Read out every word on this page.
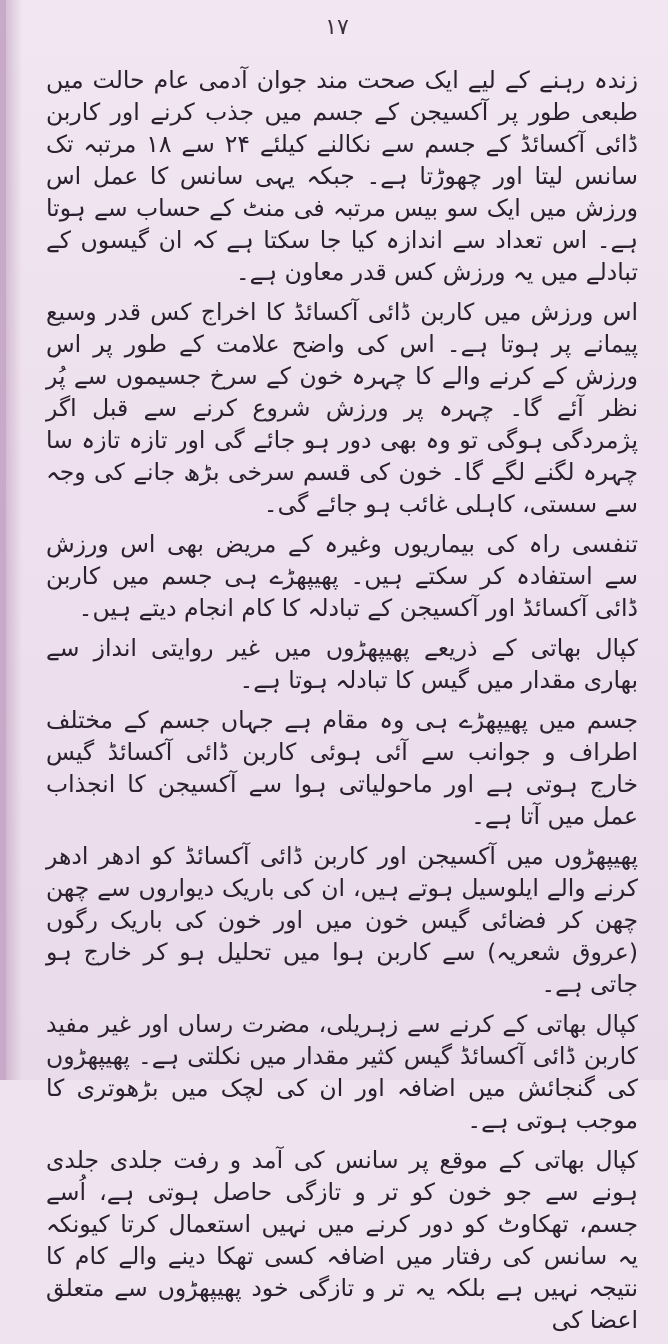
۱۷

زندہ رہنے کے لیے ایک صحت مند جوان آدمی عام حالت میں طبعی طور پر آکسیجن کے جسم میں جذب کرنے اور کاربن ڈائی آکسائڈ کے جسم سے نکالنے کیلئے ۲۴ سے ۱۸ مرتبہ تک سانس لیتا اور چھوڑتا ہے۔ جبکہ یہی سانس کا عمل اس ورزش میں ایک سو بیس مرتبہ فی منٹ کے حساب سے ہوتا ہے۔ اس تعداد سے اندازہ کیا جا سکتا ہے کہ ان گیسوں کے تبادلے میں یہ ورزش کس قدر معاون ہے۔

اس ورزش میں کاربن ڈائی آکسائڈ کا اخراج کس قدر وسیع پیمانے پر ہوتا ہے۔ اس کی واضح علامت کے طور پر اس ورزش کے کرنے والے کا چہرہ خون کے سرخ جسیموں سے پُر نظر آئے گا۔ چہرہ پر ورزش شروع کرنے سے قبل اگر پژمردگی ہوگی تو وہ بھی دور ہو جائے گی اور تازہ تازہ سا چہرہ لگنے لگے گا۔ خون کی قسم سرخی بڑھ جانے کی وجہ سے سستی، کاہلی غائب ہو جائے گی۔

تنفسی راہ کی بیماریوں وغیرہ کے مریض بھی اس ورزش سے استفادہ کر سکتے ہیں۔ پھیپھڑے ہی جسم میں کاربن ڈائی آکسائڈ اور آکسیجن کے تبادلہ کا کام انجام دیتے ہیں۔

کپال بھاتی کے ذریعے پھیپھڑوں میں غیر روایتی انداز سے بھاری مقدار میں گیس کا تبادلہ ہوتا ہے۔

جسم میں پھیپھڑے ہی وہ مقام ہے جہاں جسم کے مختلف اطراف و جوانب سے آئی ہوئی کاربن ڈائی آکسائڈ گیس خارج ہوتی ہے اور ماحولیاتی ہوا سے آکسیجن کا انجذاب عمل میں آتا ہے۔

پھیپھڑوں میں آکسیجن اور کاربن ڈائی آکسائڈ کو ادھر ادھر کرنے والے ایلوسیل ہوتے ہیں، ان کی باریک دیواروں سے چھن چھن کر فضائی گیس خون میں اور خون کی باریک رگوں (عروق شعریہ) سے کاربن ہوا میں تحلیل ہو کر خارج ہو جاتی ہے۔

کپال بھاتی کے کرنے سے زہریلی، مضرت رساں اور غیر مفید کاربن ڈائی آکسائڈ گیس کثیر مقدار میں نکلتی ہے۔ پھیپھڑوں کی گنجائش میں اضافہ اور ان کی لچک میں بڑھوتری کا موجب ہوتی ہے۔

کپال بھاتی کے موقع پر سانس کی آمد و رفت جلدی جلدی ہونے سے جو خون کو تر و تازگی حاصل ہوتی ہے، اُسے جسم، تھکاوٹ کو دور کرنے میں نہیں استعمال کرتا کیونکہ یہ سانس کی رفتار میں اضافہ کسی تھکا دینے والے کام کا نتیجہ نہیں ہے بلکہ یہ تر و تازگی خود پھیپھڑوں سے متعلق اعضا کی
